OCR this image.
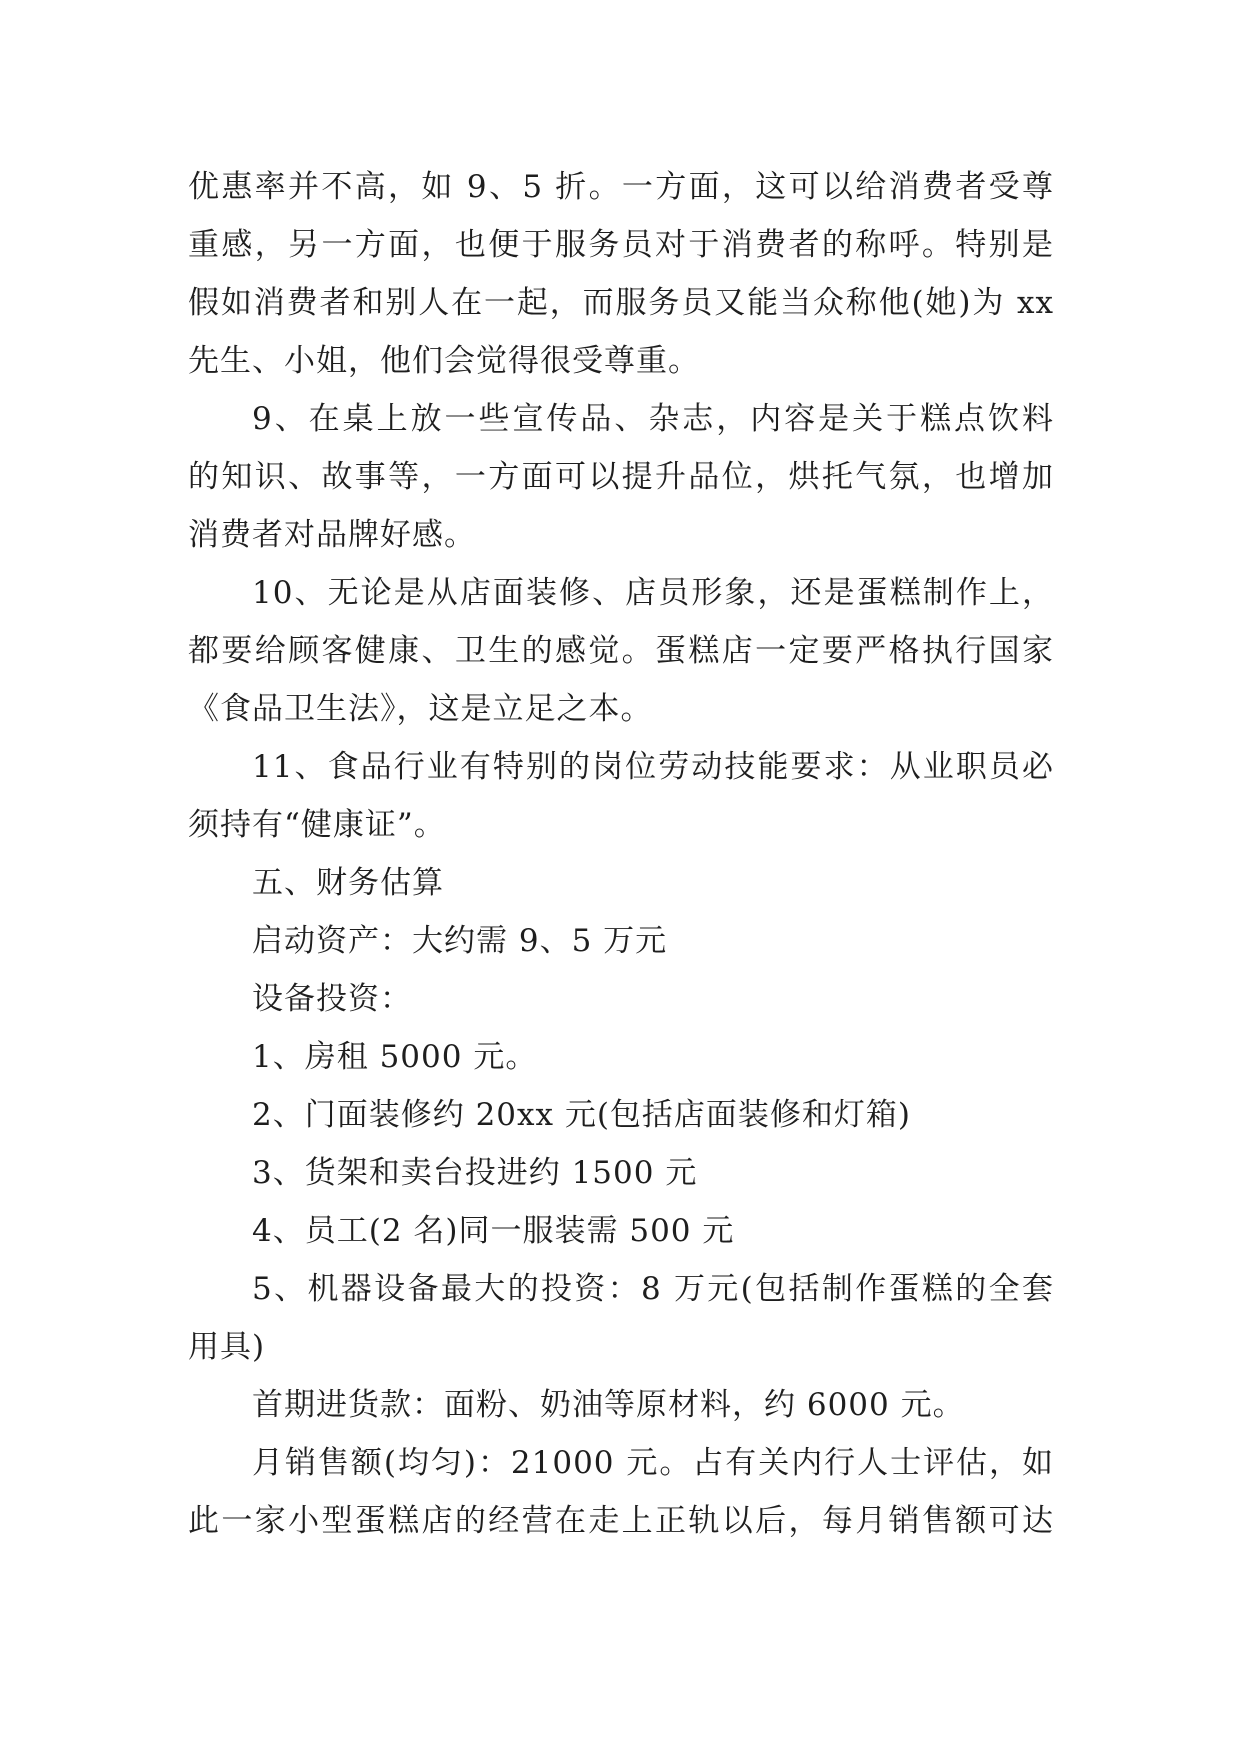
优惠率并不高，如 9、5 折。一方面，这可以给消费者受尊
重感，另一方面，也便于服务员对于消费者的称呼。特别是
假如消费者和别人在一起，而服务员又能当众称他(她)为 xx
先生、小姐，他们会觉得很受尊重。
9、在桌上放一些宣传品、杂志，内容是关于糕点饮料
的知识、故事等，一方面可以提升品位，烘托气氛，也增加
消费者对品牌好感。
10、无论是从店面装修、店员形象，还是蛋糕制作上，
都要给顾客健康、卫生的感觉。蛋糕店一定要严格执行国家
《食品卫生法》，这是立足之本。
11、食品行业有特别的岗位劳动技能要求：从业职员必
须持有“健康证”。
五、财务估算
启动资产：大约需 9、5 万元
设备投资：
1、房租 5000 元。
2、门面装修约 20xx 元(包括店面装修和灯箱)
3、货架和卖台投进约 1500 元
4、员工(2 名)同一服装需 500 元
5、机器设备最大的投资：8 万元(包括制作蛋糕的全套
用具)
首期进货款：面粉、奶油等原材料，约 6000 元。
月销售额(均匀)：21000 元。占有关内行人士评估，如
此一家小型蛋糕店的经营在走上正轨以后，每月销售额可达
